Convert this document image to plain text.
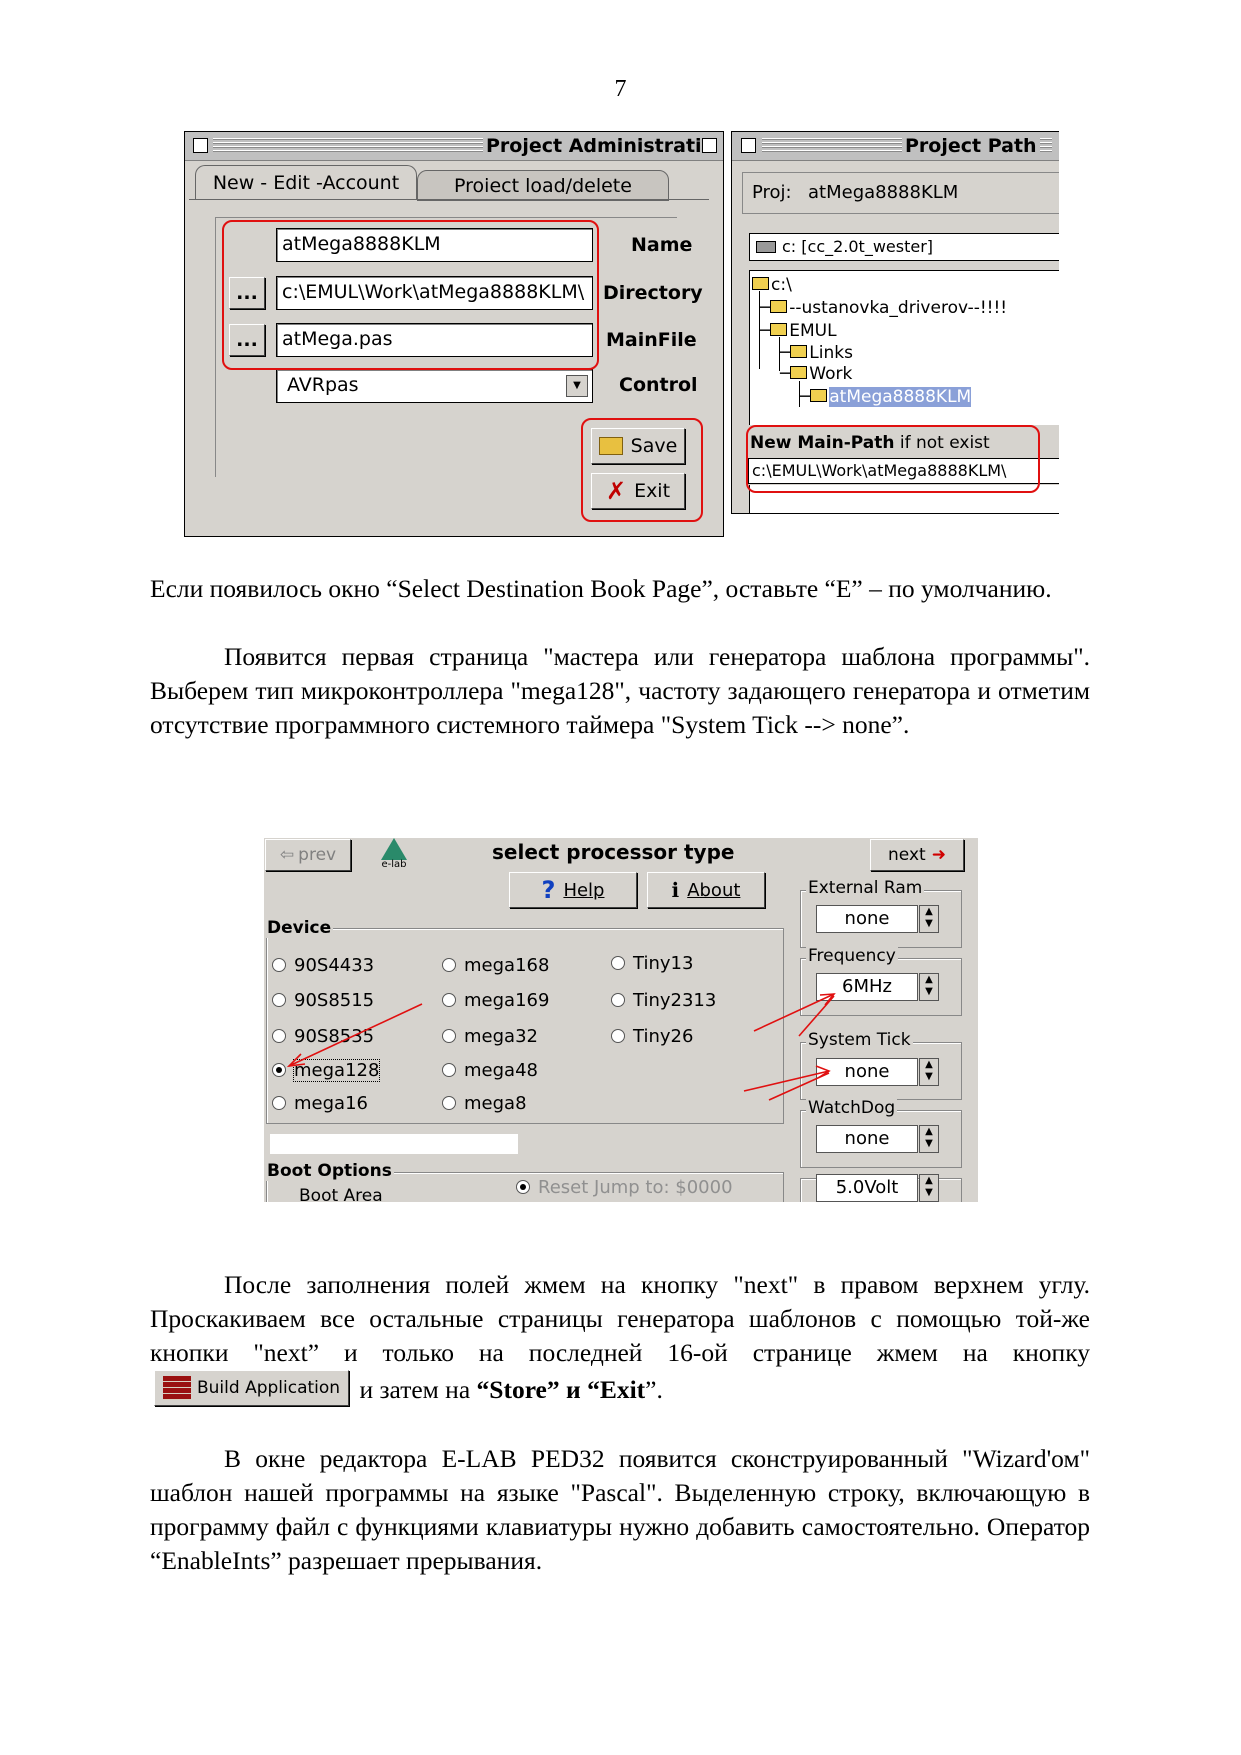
7
Project Administrati
New - Edit -Account	Proiect load/delete
atMega8888KLM	Name
...	c:\EMUL\Work\atMega8888KLM\ Directory
...	atMega.pas	MainFile
AVRpas	▼	Control
Save
✗ Exit
Project Path
Proj: atMega8888KLM
c: [cc_2.0t_wester]
c:\
─ --ustanovka_driverov--!!!!
─ EMUL
─ Links
─ Work
─ atMega8888KLM
New Main-Path if not exist
c:\EMUL\Work\atMega8888KLM\
Если появилось окно “Select Destination Book Page”, оставьте “E” – по умолчанию.
Появится первая страница "мастера или генератора шаблона программы". Выберем тип микроконтроллера "mega128", частоту задающего генератора и отметим отсутствие программного системного таймера "System Tick --> none”.
⇦ prev	e-lab
select processor type	next ➜
? Help	ℹ About
Device
90S4433
90S8515
90S8535
mega128
mega16
mega168
mega169
mega32
mega48
mega8
Tiny13
Tiny2313
Tiny26
Boot Options
Boot Area	Reset Jump to: $0000
External Ram
none	▲
▼
Frequency
6MHz	▲
▼
System Tick
none	▲
▼
WatchDog
none	▲
▼
5.0Volt	▲
▼
После заполнения полей жмем на кнопку "next" в правом верхнем углу. Проскакиваем все остальные страницы генератора шаблонов с помощью той-же кнопки "next” и только на последней 16-ой странице жмем на кнопку
Build Application и затем на “Store” и “Exit”.
В окне редактора E-LAB PED32 появится сконструированный "Wizard'ом" шаблон нашей программы на языке "Pascal". Выделенную строку, включающую в программу файл с функциями клавиатуры нужно добавить самостоятельно. Оператор “EnableInts” разрешает прерывания.
